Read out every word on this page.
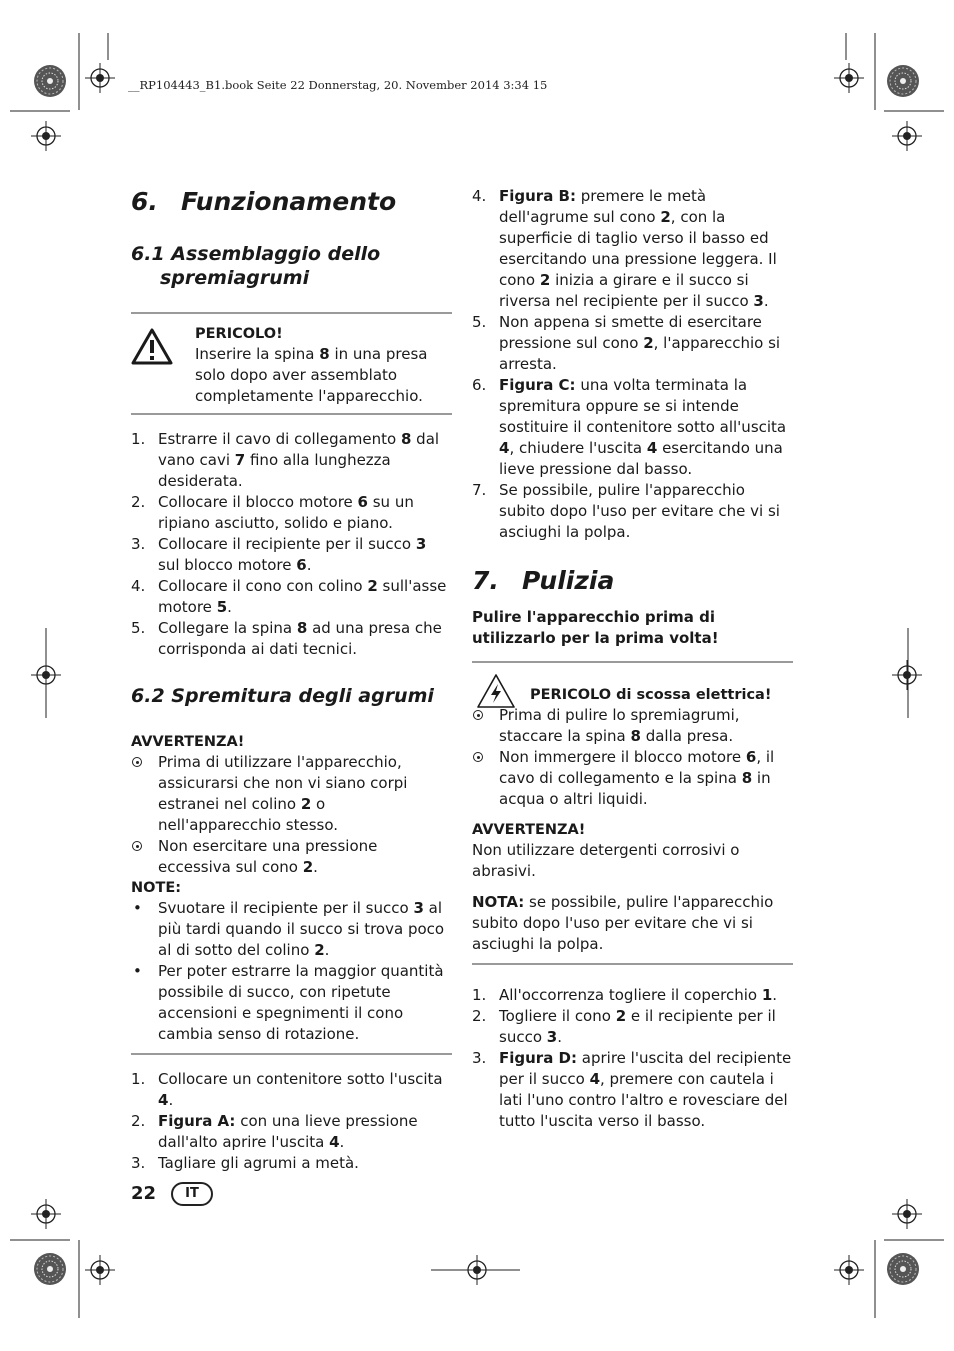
__RP104443_B1.book Seite 22 Donnerstag, 20. November 2014 3:34 15
6. Funzionamento
6.1 Assemblaggio dello
spremiagrumi
PERICOLO!
Inserire la spina 8 in una presa solo dopo aver assemblato completamente l'apparecchio.
1. Estrarre il cavo di collegamento 8 dal vano cavi 7 fino alla lunghezza desiderata.
2. Collocare il blocco motore 6 su un ripiano asciutto, solido e piano.
3. Collocare il recipiente per il succo 3 sul blocco motore 6.
4. Collocare il cono con colino 2 sull'asse motore 5.
5. Collegare la spina 8 ad una presa che corrisponda ai dati tecnici.
6.2 Spremitura degli agrumi
AVVERTENZA!
Prima di utilizzare l'apparecchio, assicurarsi che non vi siano corpi estranei nel colino 2 o nell'apparecchio stesso.
Non esercitare una pressione eccessiva sul cono 2.
NOTE:
• Svuotare il recipiente per il succo 3 al più tardi quando il succo si trova poco al di sotto del colino 2.
• Per poter estrarre la maggior quantità possibile di succo, con ripetute accensioni e spegnimenti il cono cambia senso di rotazione.
1. Collocare un contenitore sotto l'uscita 4.
2. Figura A: con una lieve pressione dall'alto aprire l'uscita 4.
3. Tagliare gli agrumi a metà.
4. Figura B: premere le metà dell'agrume sul cono 2, con la superficie di taglio verso il basso ed esercitando una pressione leggera. Il cono 2 inizia a girare e il succo si riversa nel recipiente per il succo 3.
5. Non appena si smette di esercitare pressione sul cono 2, l'apparecchio si arresta.
6. Figura C: una volta terminata la spremitura oppure se si intende sostituire il contenitore sotto all'uscita 4, chiudere l'uscita 4 esercitando una lieve pressione dal basso.
7. Se possibile, pulire l'apparecchio subito dopo l'uso per evitare che vi si asciughi la polpa.
7. Pulizia
Pulire l'apparecchio prima di utilizzarlo per la prima volta!
PERICOLO di scossa elettrica!
Prima di pulire lo spremiagrumi, staccare la spina 8 dalla presa.
Non immergere il blocco motore 6, il cavo di collegamento e la spina 8 in acqua o altri liquidi.
AVVERTENZA!
Non utilizzare detergenti corrosivi o abrasivi.
NOTA: se possibile, pulire l'apparecchio subito dopo l'uso per evitare che vi si asciughi la polpa.
1. All'occorrenza togliere il coperchio 1.
2. Togliere il cono 2 e il recipiente per il succo 3.
3. Figura D: aprire l'uscita del recipiente per il succo 4, premere con cautela i lati l'uno contro l'altro e rovesciare del tutto l'uscita verso il basso.
22	IT
